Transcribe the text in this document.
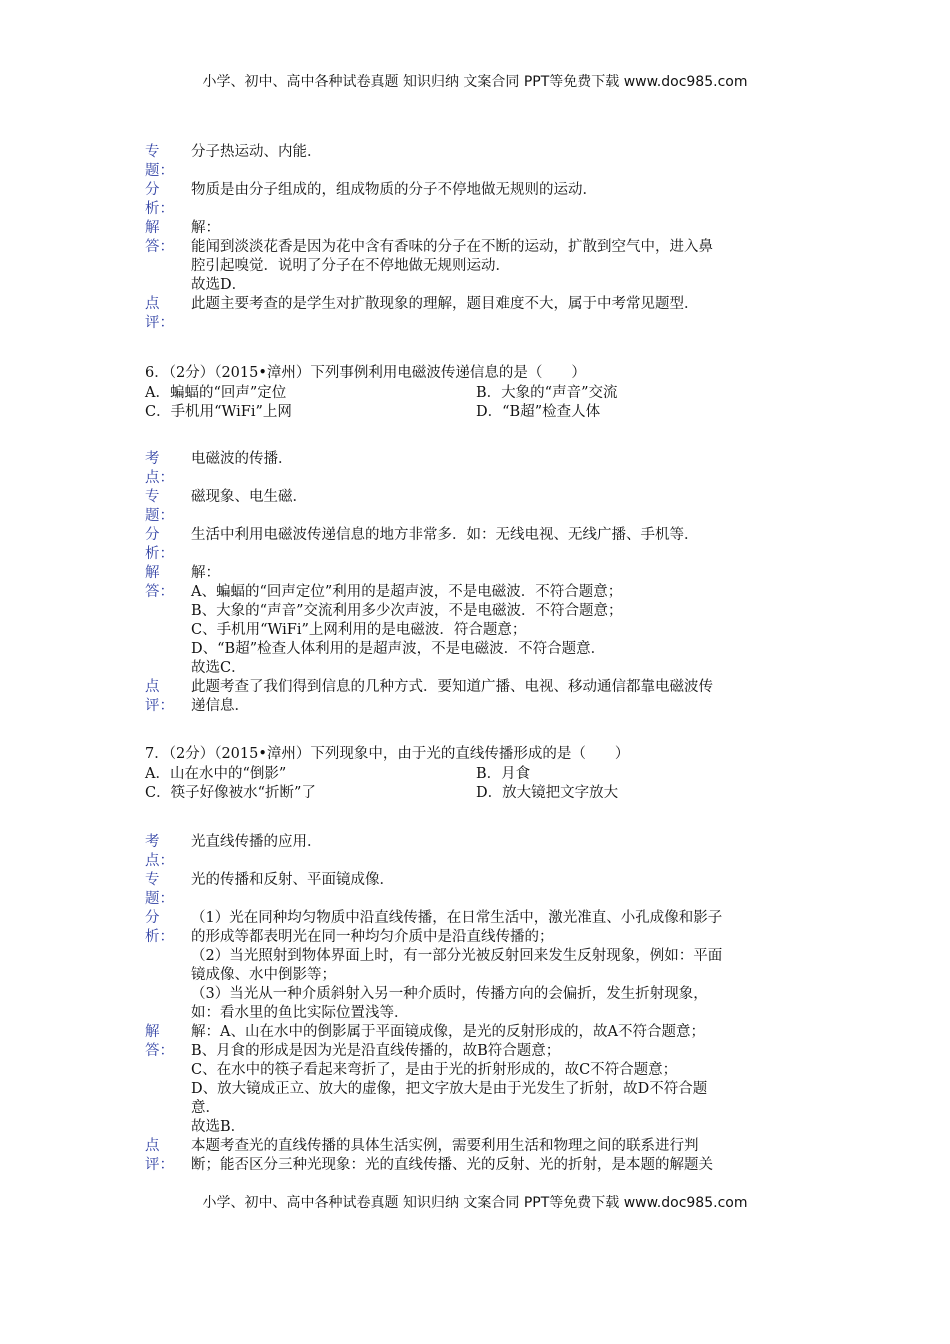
小学、初中、高中各种试卷真题 知识归纳 文案合同 PPT等免费下载 www.doc985.com
专
题：
分子热运动、内能．
分
析：
物质是由分子组成的，组成物质的分子不停地做无规则的运动．
解
答：
解：
能闻到淡淡花香是因为花中含有香味的分子在不断的运动，扩散到空气中，进入鼻
腔引起嗅觉．说明了分子在不停地做无规则运动．
故选D．
点
评：
此题主要考查的是学生对扩散现象的理解，题目难度不大，属于中考常见题型．
6．（2分）（2015•漳州）下列事例利用电磁波传递信息的是（　　）
A．蝙蝠的“回声”定位	B．大象的“声音”交流
C．手机用“WiFi”上网	D．“B超”检查人体
考
点：
电磁波的传播．
专
题：
磁现象、电生磁．
分
析：
生活中利用电磁波传递信息的地方非常多．如：无线电视、无线广播、手机等．
解
答：
解：
A、蝙蝠的“回声定位”利用的是超声波，不是电磁波．不符合题意；
B、大象的“声音”交流利用多少次声波，不是电磁波．不符合题意；
C、手机用“WiFi”上网利用的是电磁波．符合题意；
D、“B超”检查人体利用的是超声波，不是电磁波．不符合题意．
故选C．
点
评：
此题考查了我们得到信息的几种方式．要知道广播、电视、移动通信都靠电磁波传
递信息．
7．（2分）（2015•漳州）下列现象中，由于光的直线传播形成的是（　　）
A．山在水中的“倒影”	B．月食
C．筷子好像被水“折断”了	D．放大镜把文字放大
考
点：
光直线传播的应用．
专
题：
光的传播和反射、平面镜成像．
分
析：
（1）光在同种均匀物质中沿直线传播，在日常生活中，激光准直、小孔成像和影子
的形成等都表明光在同一种均匀介质中是沿直线传播的；
（2）当光照射到物体界面上时，有一部分光被反射回来发生反射现象，例如：平面
镜成像、水中倒影等；
（3）当光从一种介质斜射入另一种介质时，传播方向的会偏折，发生折射现象，
如：看水里的鱼比实际位置浅等．
解
答：
解：A、山在水中的倒影属于平面镜成像，是光的反射形成的，故A不符合题意；
B、月食的形成是因为光是沿直线传播的，故B符合题意；
C、在水中的筷子看起来弯折了，是由于光的折射形成的，故C不符合题意；
D、放大镜成正立、放大的虚像，把文字放大是由于光发生了折射，故D不符合题
意．
故选B．
点
评：
本题考查光的直线传播的具体生活实例，需要利用生活和物理之间的联系进行判
断；能否区分三种光现象：光的直线传播、光的反射、光的折射，是本题的解题关
小学、初中、高中各种试卷真题 知识归纳 文案合同 PPT等免费下载 www.doc985.com
